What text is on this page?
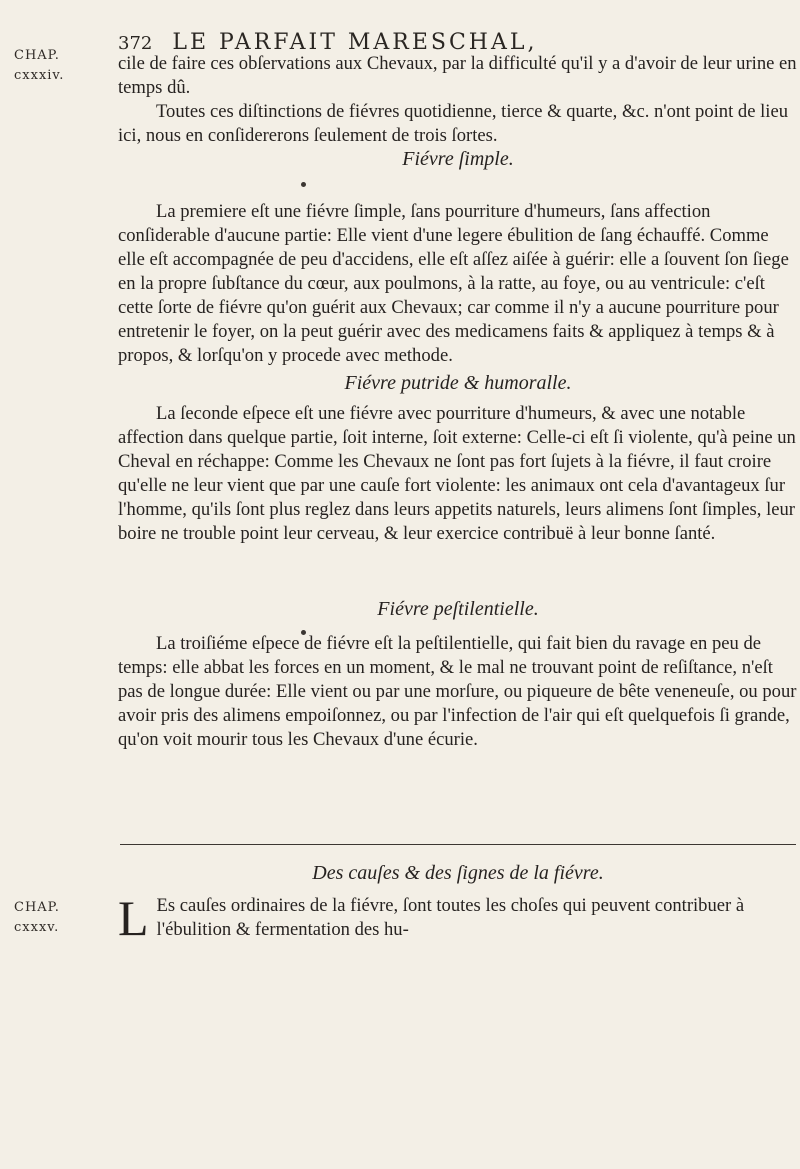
372 LE PARFAIT MARESCHAL,
CHAP.
cxxxiv.

cile de faire ces obſervations aux Chevaux, par la difficulté qu'il y a d'avoir de leur urine en temps dû.

Toutes ces diſtinctions de fiévres quotidienne, tierce & quarte, &c. n'ont point de lieu ici, nous en conſidererons ſeulement de trois ſortes.

Fiévre ſimple.

La premiere eſt une fiévre ſimple, ſans pourriture d'humeurs, ſans affection conſiderable d'aucune partie: Elle vient d'une legere ébulition de ſang échauffé. Comme elle eſt accompagnée de peu d'accidens, elle eſt aſſez aiſée à guérir: elle a ſouvent ſon ſiege en la propre ſubſtance du cœur, aux poulmons, à la ratte, au foye, ou au ventricule: c'eſt cette ſorte de fiévre qu'on guérit aux Chevaux; car comme il n'y a aucune pourriture pour entretenir le foyer, on la peut guérir avec des medicamens faits & appliquez à temps & à propos, & lorſqu'on y procede avec methode.

Fiévre putride & humoralle.

La ſeconde eſpece eſt une fiévre avec pourriture d'humeurs, & avec une notable affection dans quelque partie, ſoit interne, ſoit externe: Celle-ci eſt ſi violente, qu'à peine un Cheval en réchappe: Comme les Chevaux ne ſont pas fort ſujets à la fiévre, il faut croire qu'elle ne leur vient que par une cauſe fort violente: les animaux ont cela d'avantageux ſur l'homme, qu'ils ſont plus reglez dans leurs appetits naturels, leurs alimens ſont ſimples, leur boire ne trouble point leur cerveau, & leur exercice contribuë à leur bonne ſanté.

Fiévre peſtilentielle.

La troiſiéme eſpece de fiévre eſt la peſtilentielle, qui fait bien du ravage en peu de temps: elle abbat les forces en un moment, & le mal ne trouvant point de reſiſtance, n'eſt pas de longue durée: Elle vient ou par une morſure, ou piqueure de bête veneneuſe, ou pour avoir pris des alimens empoiſonnez, ou par l'infection de l'air qui eſt quelquefois ſi grande, qu'on voit mourir tous les Chevaux d'une écurie.

Des cauſes & des ſignes de la fiévre.
CHAP.
cxxxv. L Es cauſes ordinaires de la fiévre, ſont toutes les choſes qui peuvent contribuer à l'ébulition & fermentation des hu-
